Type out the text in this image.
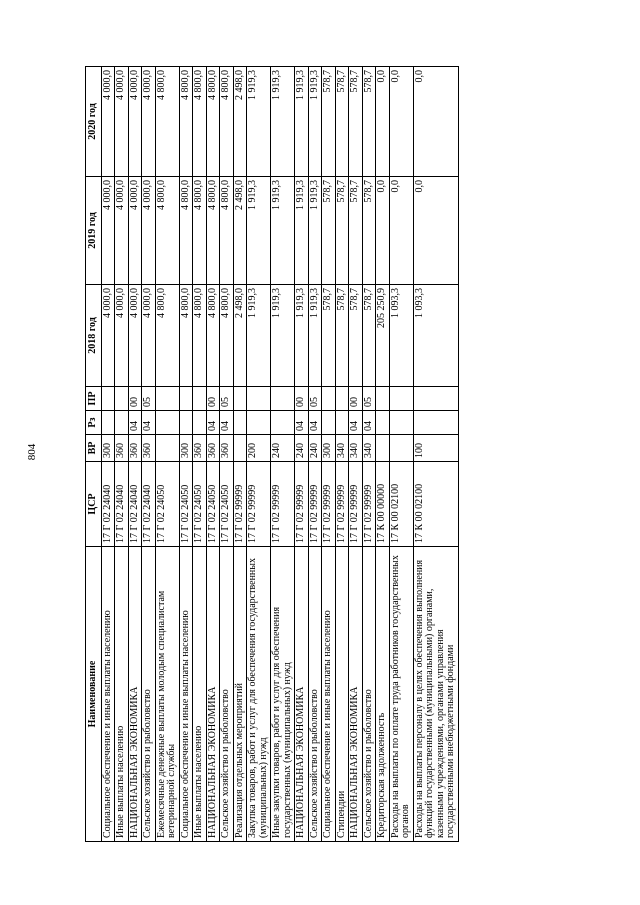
804
Наименование	ЦСР	ВР	Рз	ПР	2018 год	2019 год	2020 год
Социальное обеспечение и иные выплаты населению	17 Г 02 24040	300			4 000,0	4 000,0	4 000,0
Иные выплаты населению	17 Г 02 24040	360			4 000,0	4 000,0	4 000,0
НАЦИОНАЛЬНАЯ ЭКОНОМИКА	17 Г 02 24040	360	04	00	4 000,0	4 000,0	4 000,0
Сельское хозяйство и рыболовство	17 Г 02 24040	360	04	05	4 000,0	4 000,0	4 000,0
Ежемесячные денежные выплаты молодым специалистам ветеринарной службы	17 Г 02 24050				4 800,0	4 800,0	4 800,0
Социальное обеспечение и иные выплаты населению	17 Г 02 24050	300			4 800,0	4 800,0	4 800,0
Иные выплаты населению	17 Г 02 24050	360			4 800,0	4 800,0	4 800,0
НАЦИОНАЛЬНАЯ ЭКОНОМИКА	17 Г 02 24050	360	04	00	4 800,0	4 800,0	4 800,0
Сельское хозяйство и рыболовство	17 Г 02 24050	360	04	05	4 800,0	4 800,0	4 800,0
Реализация отдельных мероприятий	17 Г 02 99999				2 498,0	2 498,0	2 498,0
Закупка товаров, работ и услуг для обеспечения государственных (муниципальных) нужд	17 Г 02 99999	200			1 919,3	1 919,3	1 919,3
Иные закупки товаров, работ и услуг для обеспечения государственных (муниципальных) нужд	17 Г 02 99999	240			1 919,3	1 919,3	1 919,3
НАЦИОНАЛЬНАЯ ЭКОНОМИКА	17 Г 02 99999	240	04	00	1 919,3	1 919,3	1 919,3
Сельское хозяйство и рыболовство	17 Г 02 99999	240	04	05	1 919,3	1 919,3	1 919,3
Социальное обеспечение и иные выплаты населению	17 Г 02 99999	300			578,7	578,7	578,7
Стипендии	17 Г 02 99999	340			578,7	578,7	578,7
НАЦИОНАЛЬНАЯ ЭКОНОМИКА	17 Г 02 99999	340	04	00	578,7	578,7	578,7
Сельское хозяйство и рыболовство	17 Г 02 99999	340	04	05	578,7	578,7	578,7
Кредиторская задолженность	17 К 00 00000				205 250,9	0,0	0,0
Расходы на выплаты по оплате труда работников государственных органов	17 К 00 02100				1 093,3	0,0	0,0
Расходы на выплаты персоналу в целях обеспечения выполнения функций государственными (муниципальными) органами, казенными учреждениями, органами управления государственными внебюджетными фондами	17 К 00 02100	100			1 093,3	0,0	0,0
